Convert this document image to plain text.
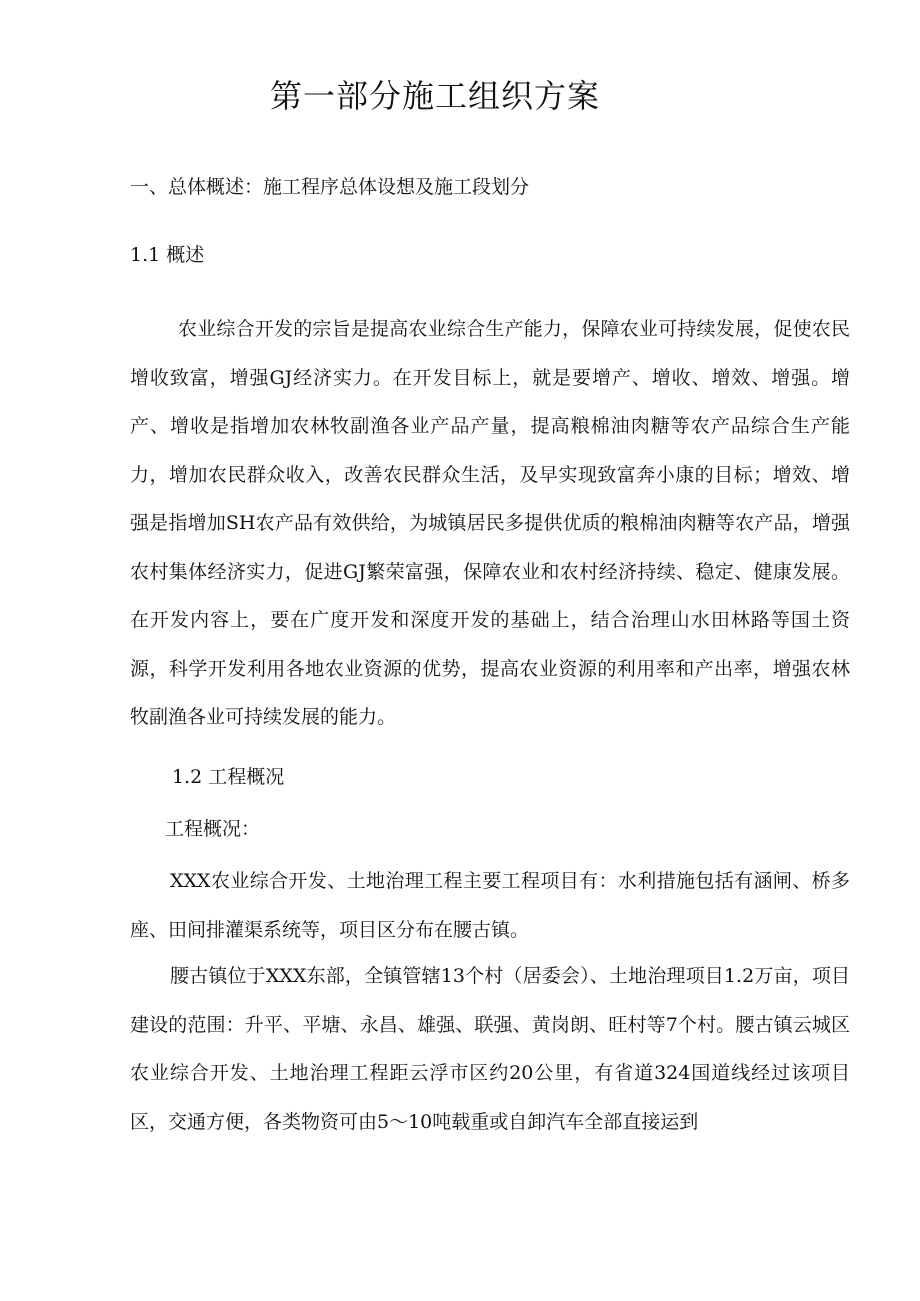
第一部分施工组织方案
一、总体概述：施工程序总体设想及施工段划分
1.1 概述

农业综合开发的宗旨是提高农业综合生产能力，保障农业可持续发展，促使农民增收致富，增强GJ经济实力。在开发目标上，就是要增产、增收、增效、增强。增产、增收是指增加农林牧副渔各业产品产量，提高粮棉油肉糖等农产品综合生产能力，增加农民群众收入，改善农民群众生活，及早实现致富奔小康的目标；增效、增强是指增加SH农产品有效供给，为城镇居民多提供优质的粮棉油肉糖等农产品，增强农村集体经济实力，促进GJ繁荣富强，保障农业和农村经济持续、稳定、健康发展。在开发内容上，要在广度开发和深度开发的基础上，结合治理山水田林路等国土资源，科学开发利用各地农业资源的优势，提高农业资源的利用率和产出率，增强农林牧副渔各业可持续发展的能力。

1.2 工程概况

工程概况：

XXX农业综合开发、土地治理工程主要工程项目有：水利措施包括有涵闸、桥多座、田间排灌渠系统等，项目区分布在腰古镇。

腰古镇位于XXX东部，全镇管辖13个村（居委会）、土地治理项目1.2万亩，项目建设的范围：升平、平塘、永昌、雄强、联强、黄岗朗、旺村等7个村。腰古镇云城区农业综合开发、土地治理工程距云浮市区约20公里，有省道324国道线经过该项目区，交通方便，各类物资可由5～10吨载重或自卸汽车全部直接运到
